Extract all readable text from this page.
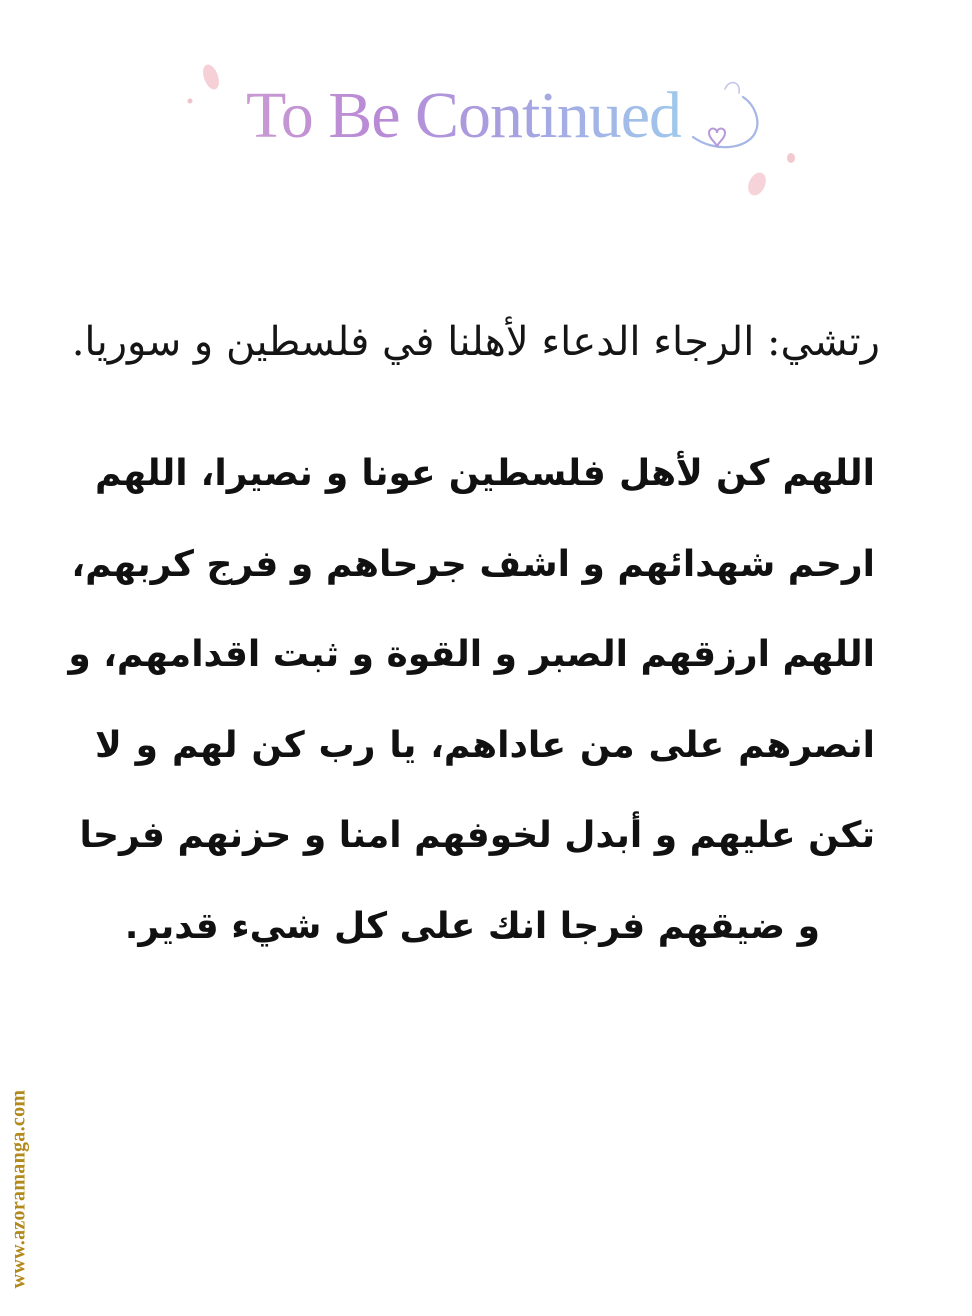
To Be Continued
رتشي: الرجاء الدعاء لأهلنا في فلسطين و سوريا.
اللهم كن لأهل فلسطين عونا و نصيرا، اللهم
ارحم شهدائهم و اشف جرحاهم و فرج كربهم،
اللهم ارزقهم الصبر و القوة و ثبت اقدامهم، و
انصرهم على من عاداهم، يا رب كن لهم و لا
تكن عليهم و أبدل لخوفهم امنا و حزنهم فرحا
و ضيقهم فرجا انك على كل شيء قدير.
www.azoramanga.com
